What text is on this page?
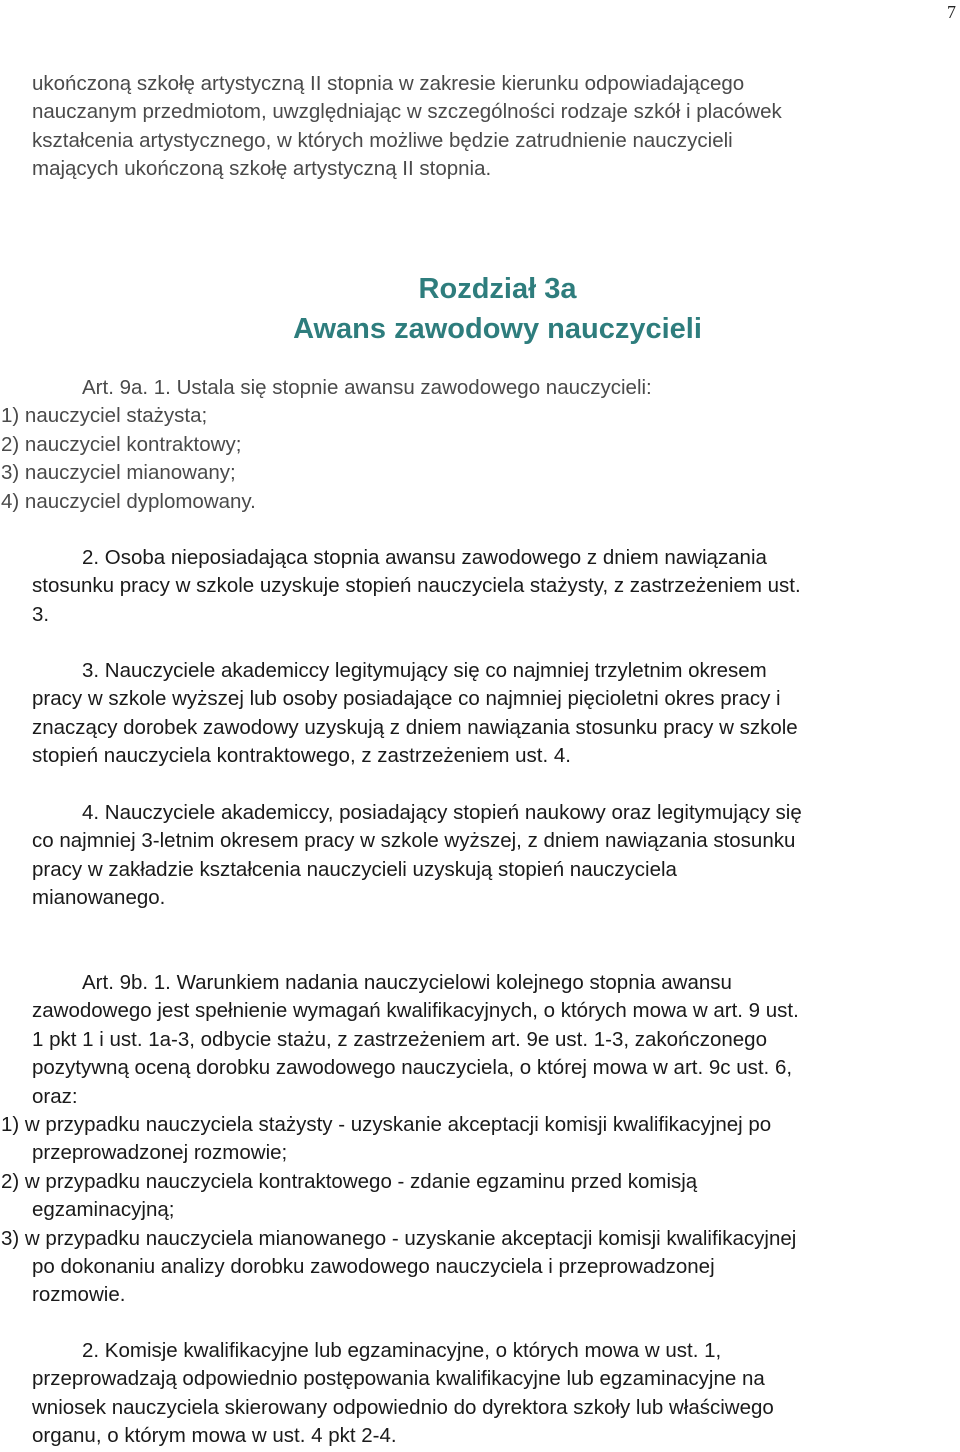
7
ukończoną szkołę artystyczną II stopnia w zakresie kierunku odpowiadającego
nauczanym przedmiotom, uwzględniając w szczególności rodzaje szkół i placówek
kształcenia artystycznego, w których możliwe będzie zatrudnienie nauczycieli
mających ukończoną szkołę artystyczną II stopnia.
Rozdział 3a
Awans zawodowy nauczycieli
Art. 9a. 1. Ustala się stopnie awansu zawodowego nauczycieli:
1) nauczyciel stażysta;
2) nauczyciel kontraktowy;
3) nauczyciel mianowany;
4) nauczyciel dyplomowany.
2. Osoba nieposiadająca stopnia awansu zawodowego z dniem nawiązania
stosunku pracy w szkole uzyskuje stopień nauczyciela stażysty, z zastrzeżeniem ust.
3.
3. Nauczyciele akademiccy legitymujący się co najmniej trzyletnim okresem
pracy w szkole wyższej lub osoby posiadające co najmniej pięcioletni okres pracy i
znaczący dorobek zawodowy uzyskują z dniem nawiązania stosunku pracy w szkole
stopień nauczyciela kontraktowego, z zastrzeżeniem ust. 4.
4. Nauczyciele akademiccy, posiadający stopień naukowy oraz legitymujący się
co najmniej 3-letnim okresem pracy w szkole wyższej, z dniem nawiązania stosunku
pracy w zakładzie kształcenia nauczycieli uzyskują stopień nauczyciela
mianowanego.
Art. 9b. 1. Warunkiem nadania nauczycielowi kolejnego stopnia awansu
zawodowego jest spełnienie wymagań kwalifikacyjnych, o których mowa w art. 9 ust.
1 pkt 1 i ust. 1a-3, odbycie stażu, z zastrzeżeniem art. 9e ust. 1-3, zakończonego
pozytywną oceną dorobku zawodowego nauczyciela, o której mowa w art. 9c ust. 6,
oraz:
1) w przypadku nauczyciela stażysty - uzyskanie akceptacji komisji kwalifikacyjnej po
przeprowadzonej rozmowie;
2) w przypadku nauczyciela kontraktowego - zdanie egzaminu przed komisją
egzaminacyjną;
3) w przypadku nauczyciela mianowanego - uzyskanie akceptacji komisji kwalifikacyjnej
po dokonaniu analizy dorobku zawodowego nauczyciela i przeprowadzonej
rozmowie.
2. Komisje kwalifikacyjne lub egzaminacyjne, o których mowa w ust. 1,
przeprowadzają odpowiednio postępowania kwalifikacyjne lub egzaminacyjne na
wniosek nauczyciela skierowany odpowiednio do dyrektora szkoły lub właściwego
organu, o którym mowa w ust. 4 pkt 2-4.
